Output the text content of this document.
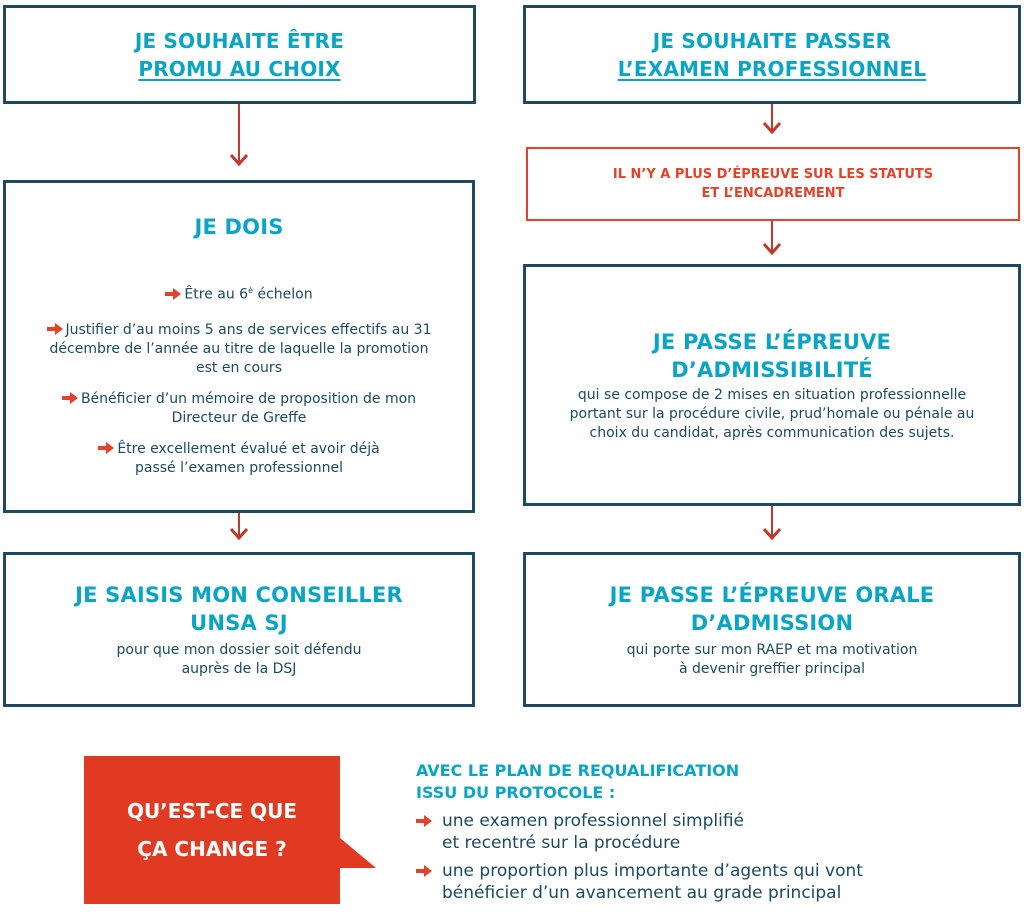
JE SOUHAITE ÊTRE
PROMU AU CHOIX
JE DOIS

Être au $6^è$ échelon

Justifier d’au moins 5 ans de services effectifs au 31 décembre de l’année au titre de laquelle la promotion est en cours

Bénéficier d’un mémoire de proposition de mon Directeur de Greffe

Être excellement évalué et avoir déjà passé l’examen professionnel

JE SAISIS MON CONSEILLER
UNSA SJ
pour que mon dossier soit défendu auprès de la DSJ
JE SOUHAITE PASSER
L’EXAMEN PROFESSIONNEL
IL N’Y A PLUS D’ÉPREUVE SUR LES STATUTS
ET L’ENCADREMENT
JE PASSE L’ÉPREUVE
D’ADMISSIBILITÉ
qui se compose de 2 mises en situation professionnelle portant sur la procédure civile, prud’homale ou pénale au choix du candidat, après communication des sujets.
JE PASSE L’ÉPREUVE ORALE
D’ADMISSION
qui porte sur mon RAEP et ma motivation à devenir greffier principal
QU’EST-CE QUE
ÇA CHANGE ?
AVEC LE PLAN DE REQUALIFICATION
ISSU DU PROTOCOLE :
une examen professionnel simplifié
et recentré sur la procédure
une proportion plus importante d’agents qui vont
bénéficier d’un avancement au grade principal
